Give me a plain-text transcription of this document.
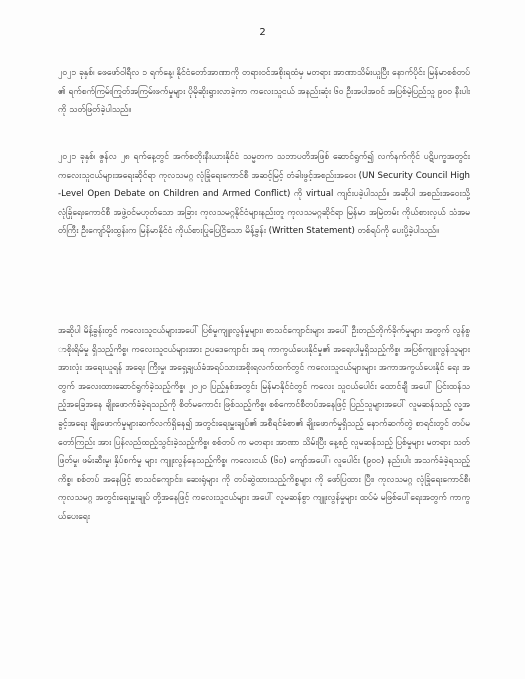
2

၂၀၂၁ ခုနှစ်၊ ဖေဖော်ဝါရီလ ၁ ရက်နေ့၊ နိုင်ငံတော်အာဏာကို တရားဝင်အစိုးရထံမှ မတရား အာဏာသိမ်းယူပြီး နောက်ပိုင်း မြန်မာစစ်တပ်၏ ရက်စက်ကြမ်းကြုတ်အကြမ်းဖက်မှုများ ပိုမိုဆိုးရွားလာခဲ့ကာ ကလေးသူငယ် အနည်းဆုံး ၆၀ ဦးအပါအဝင် အပြစ်မဲ့ပြည်သူ ၉၀၀ နီးပါးကို သတ်ဖြတ်ခဲ့ပါသည်။

၂၀၂၁ ခုနှစ်၊ ဇွန်လ ၂၈ ရက်နေ့တွင် အက်စတိုးနီးယားနိုင်ငံ သမ္မတက သဘာပတိအဖြစ် ဆောင်ရွက်၍ လက်နက်ကိုင် ပဋိပက္ခအတွင်း ကလေးသူငယ်များအရေးဆိုင်ရာ ကုလသမဂ္ဂ လုံခြုံရေးကောင်စီ အဆင့်မြင့် တံခါးဖွင့်အစည်းအဝေး (UN Security Council High-Level Open Debate on Children and Armed Conflict) ကို virtual ကျင်းပခဲ့ပါသည်။ အဆိုပါ အစည်းအဝေးသို့ လုံခြုံရေးကောင်စီ အဖွဲ့ဝင်မဟုတ်သော အခြား ကုလသမဂ္ဂနိုင်ငံများနည်းတူ ကုလသမဂ္ဂဆိုင်ရာ မြန်မာ အမြဲတမ်း ကိုယ်စားလှယ် သံအမတ်ကြီး ဦးကျော်မိုးထွန်းက မြန်မာနိုင်ငံ ကိုယ်စားပြုပြေငြိသော မိန့်ခွန်း (Written Statement) တစ်ရပ်ကို ပေးပို့ခဲ့ပါသည်။

အဆိုပါ မိန့်ခွန်းတွင် ကလေးသူငယ်များအပေါ် ပြစ်မှုကျူးလွန်မှုများ၊ စာသင်ကျောင်းများ အပေါ် ဦးတည်တိုက်ခိုက်မှုများ အတွက် လွန်စွာစိုးရိမ်မှု ရှိသည့်ကိစ္စ၊ ကလေးသူငယ်များအား ဥပဒေကျောင်း အရ ကာကွယ်ပေးနိုင်မှု၏ အရေးပါမှုရှိသည့်ကိစ္စ၊ အပြစ်ကျူးလွန်သူများ အားလုံး အရေးယူရန် အရေး ကြီးမှု၊ အရှေ့ချယ်ခံအရပ်သားအစိုးရလက်ထက်တွင် ကလေးသူငယ်များများ အကာအကွယ်ပေးနိုင် ရေး အတွက် အလေးထားဆောင်ရွက်ခဲ့သည့်ကိစ္စ၊ ၂၀၂၀ ပြည့်နှစ်အတွင်း မြန်မာနိုင်ငံတွင် ကလေး သူငယ်ပေါင်း ထောင်ချီ အပေါ် ပြင်းထန်သည့်အခြေအနေ ချိုးဖောက်ခံခဲ့ရသည်ကို စိတ်မကောင်း ဖြစ်သည့်ကိစ္စ၊ စစ်ကောင်စီတပ်အနေဖြင့် ပြည်သူများအပေါ် လူမဆန်သည့် လူ့အခွင့်အရေး ချိုးဖောက်မှုများဆက်လက်ရှိနေ၍ အတွင်းရေးမှူးချုပ်၏ အစီရင်ခံစာ၏ ချိုးဖောက်မှုရှိသည့် နောက်ဆက်တွဲ စာရင်းတွင် တပ်မတော်ကြည်း အား ပြန်လည်ထည့်သွင်းခဲ့သည့်ကိစ္စ၊ စစ်တပ် က မတရား အာဏာ သိမ်းပြီး နေ့စဉ် လူမဆန်သည့် ပြစ်မှုများ မတရား သတ်ဖြတ်မှု၊ ဖမ်းဆီးမှု၊ နှိပ်စက်မှု များ ကျူးလွန်နေသည့်ကိစ္စ၊ ကလေးငယ် (၆၀) ကျော်အပေါ်၊ လူပေါင်း (၉၀၀) နည်းပါး အသက်ခံခဲ့ရသည့် ကိစ္စ၊ စစ်တပ် အနေဖြင့် စာသင်ကျောင်း၊ ဆေးရုံများ ကို တပ်ဆွဲထားသည့်ကိစ္စများ ကို ဖော်ပြထား ပြီး၊ ကုလသမဂ္ဂ လုံခြုံရေးကောင်စီ၊ ကုလသမဂ္ဂ အတွင်းရေးမှူးချုပ် တို့အနေဖြင့် ကလေးသူငယ်များ အပေါ် လူမဆန်စွာ ကျူးလွန်မှုများ ထပ်မံ မဖြစ်ပေါ်ရေးအတွက် ကာကွယ်ပေးရေး
